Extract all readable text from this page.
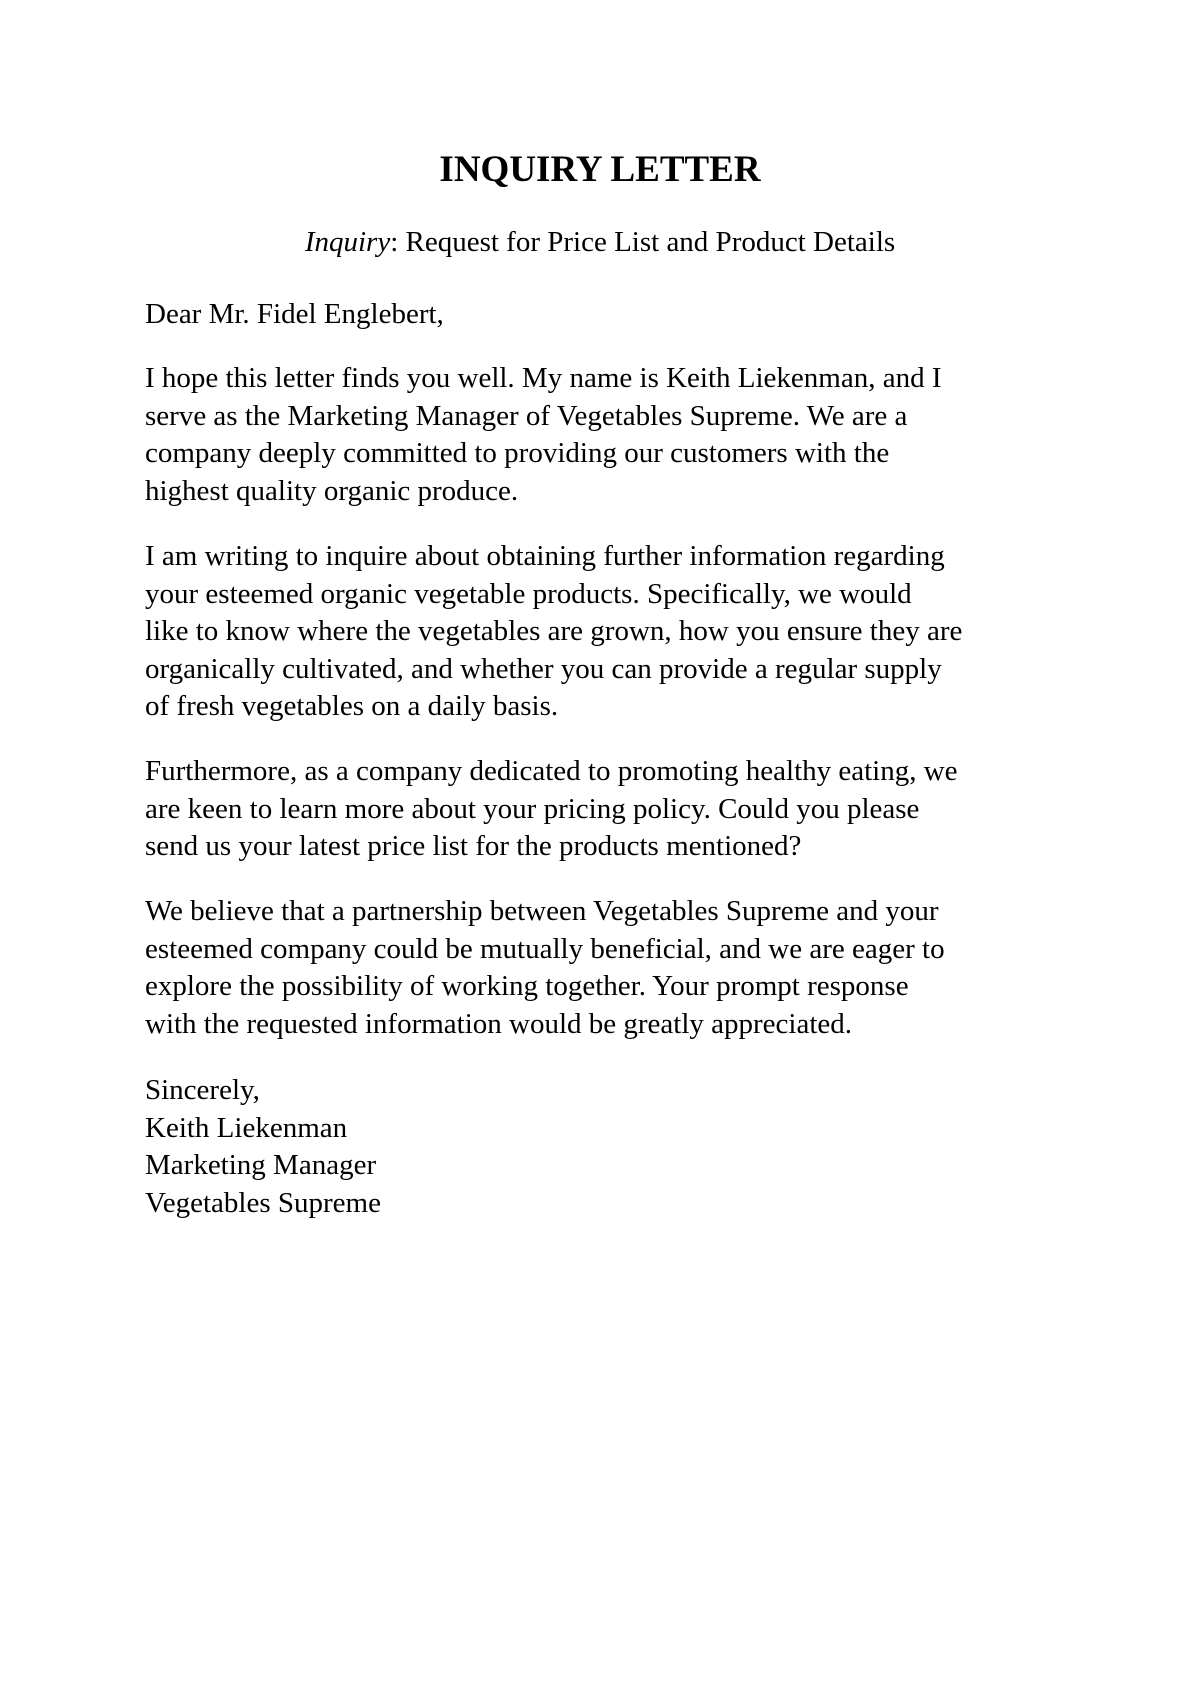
INQUIRY LETTER

Inquiry: Request for Price List and Product Details

Dear Mr. Fidel Englebert,

I hope this letter finds you well. My name is Keith Liekenman, and I
serve as the Marketing Manager of Vegetables Supreme. We are a
company deeply committed to providing our customers with the
highest quality organic produce.

I am writing to inquire about obtaining further information regarding
your esteemed organic vegetable products. Specifically, we would
like to know where the vegetables are grown, how you ensure they are
organically cultivated, and whether you can provide a regular supply
of fresh vegetables on a daily basis.

Furthermore, as a company dedicated to promoting healthy eating, we
are keen to learn more about your pricing policy. Could you please
send us your latest price list for the products mentioned?

We believe that a partnership between Vegetables Supreme and your
esteemed company could be mutually beneficial, and we are eager to
explore the possibility of working together. Your prompt response
with the requested information would be greatly appreciated.

Sincerely,
Keith Liekenman
Marketing Manager
Vegetables Supreme
